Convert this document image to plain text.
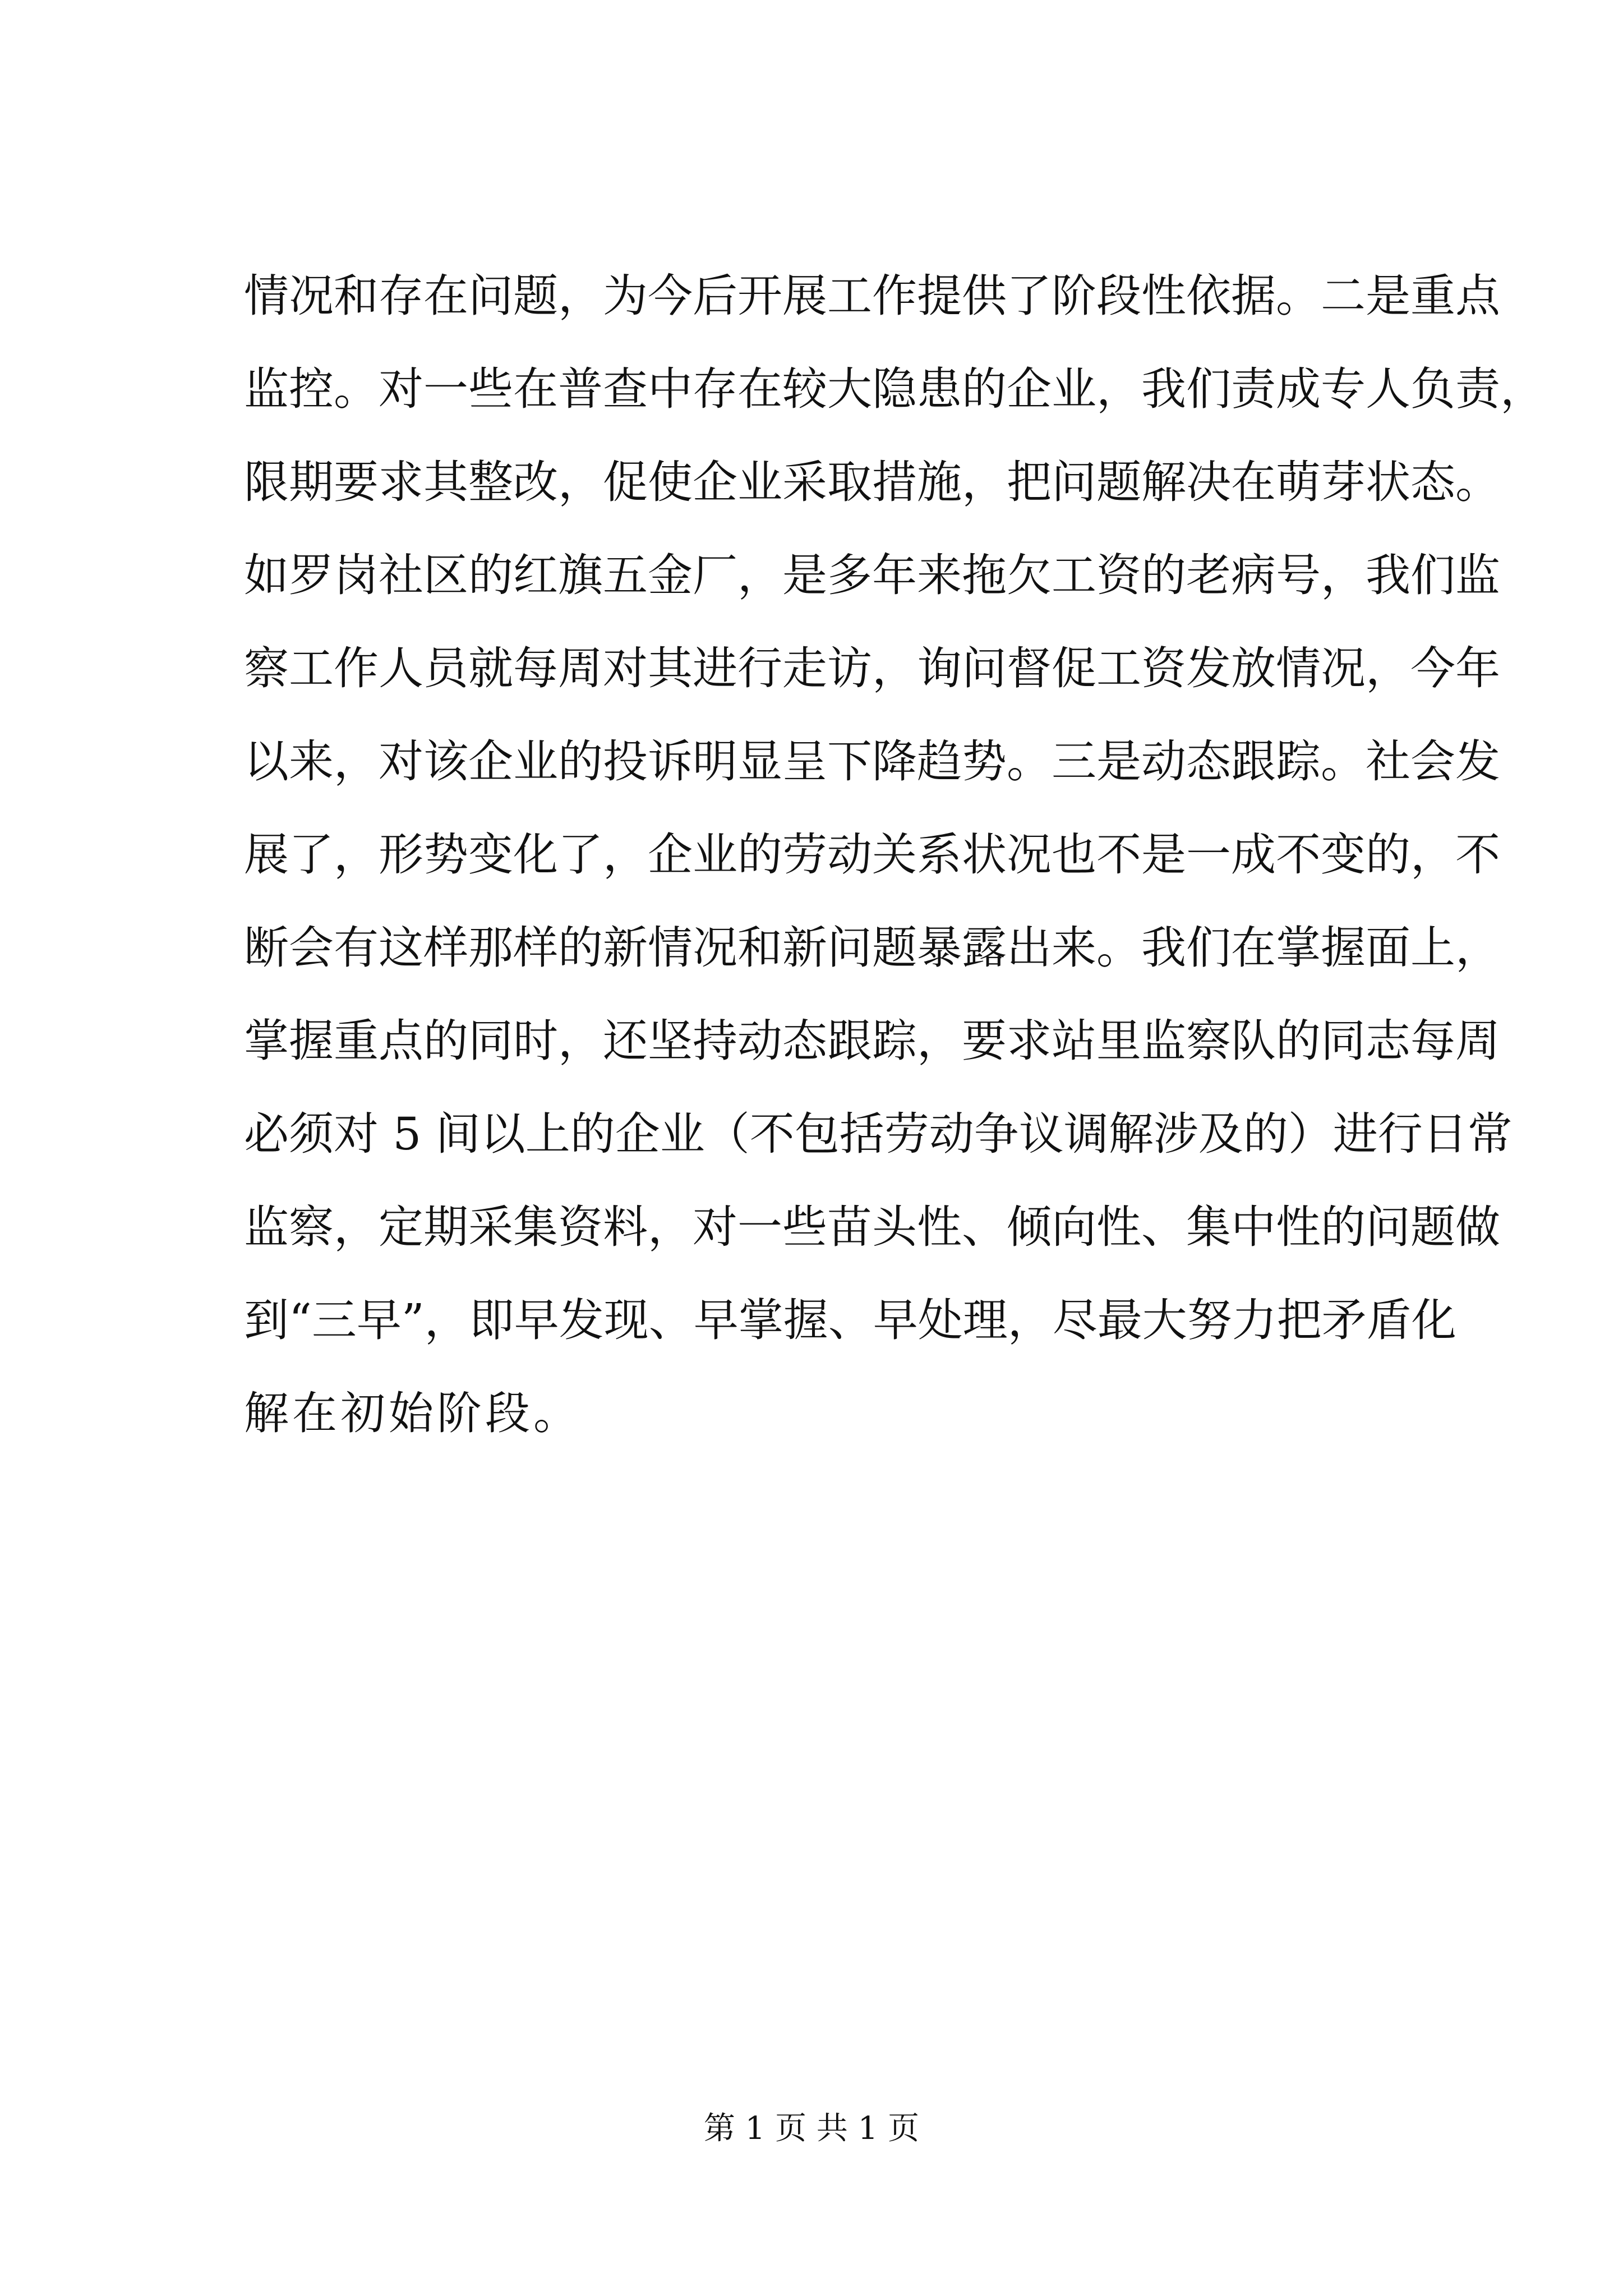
情况和存在问题，为今后开展工作提供了阶段性依据。二是重点
监控。对一些在普查中存在较大隐患的企业，我们责成专人负责，
限期要求其整改，促使企业采取措施，把问题解决在萌芽状态。
如罗岗社区的红旗五金厂，是多年来拖欠工资的老病号，我们监
察工作人员就每周对其进行走访，询问督促工资发放情况，今年
以来，对该企业的投诉明显呈下降趋势。三是动态跟踪。社会发
展了，形势变化了，企业的劳动关系状况也不是一成不变的，不
断会有这样那样的新情况和新问题暴露出来。我们在掌握面上，
掌握重点的同时，还坚持动态跟踪，要求站里监察队的同志每周
必须对 5 间以上的企业（不包括劳动争议调解涉及的）进行日常
监察，定期采集资料，对一些苗头性、倾向性、集中性的问题做
到“三早”，即早发现、早掌握、早处理，尽最大努力把矛盾化
解在初始阶段。
第 1 页 共 1 页
